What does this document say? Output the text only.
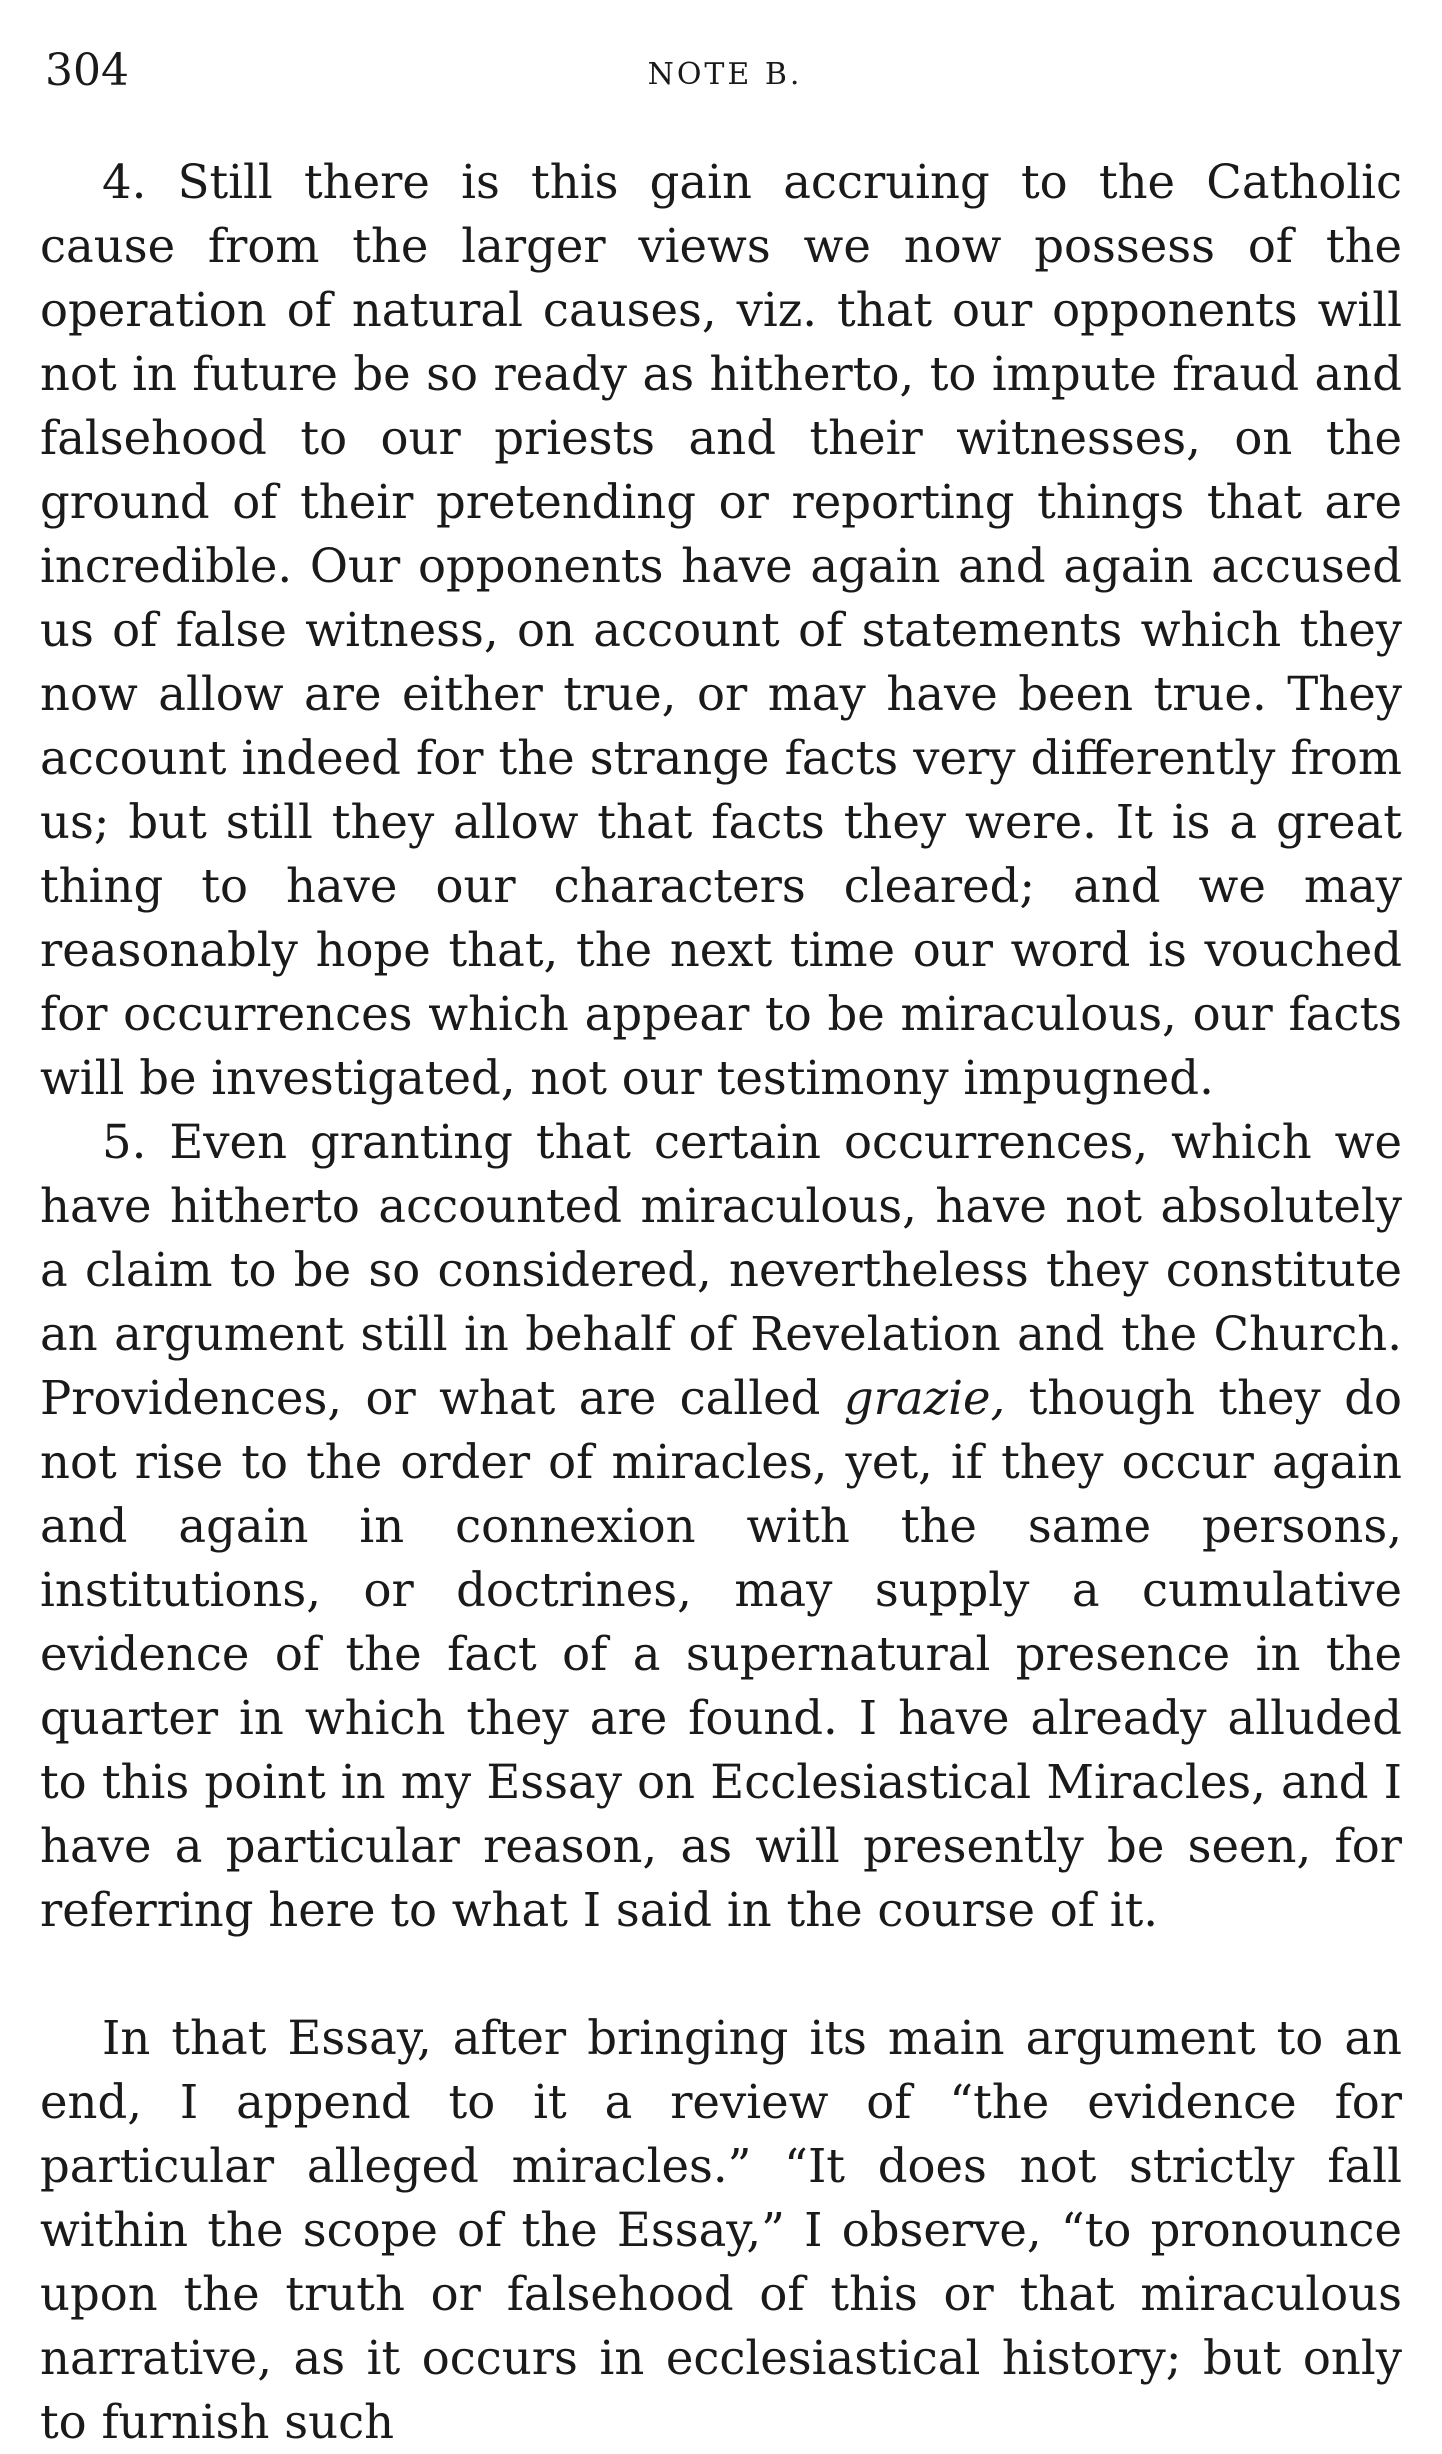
304	NOTE B.

4. Still there is this gain accruing to the Catholic cause from the larger views we now possess of the operation of natural causes, viz. that our opponents will not in future be so ready as hitherto, to impute fraud and falsehood to our priests and their witnesses, on the ground of their pretending or reporting things that are incredible. Our opponents have again and again accused us of false witness, on account of statements which they now allow are either true, or may have been true. They account indeed for the strange facts very differently from us; but still they allow that facts they were. It is a great thing to have our characters cleared; and we may reasonably hope that, the next time our word is vouched for occurrences which appear to be miraculous, our facts will be investigated, not our testimony impugned.

5. Even granting that certain occurrences, which we have hitherto accounted miraculous, have not absolutely a claim to be so considered, nevertheless they constitute an argument still in behalf of Revelation and the Church. Providences, or what are called grazie, though they do not rise to the order of miracles, yet, if they occur again and again in connexion with the same persons, institutions, or doctrines, may supply a cumulative evidence of the fact of a supernatural presence in the quarter in which they are found. I have already alluded to this point in my Essay on Ecclesiastical Miracles, and I have a particular reason, as will presently be seen, for referring here to what I said in the course of it.

In that Essay, after bringing its main argument to an end, I append to it a review of “the evidence for particular alleged miracles.” “It does not strictly fall within the scope of the Essay,” I observe, “to pronounce upon the truth or falsehood of this or that miraculous narrative, as it occurs in ecclesiastical history; but only to furnish such
